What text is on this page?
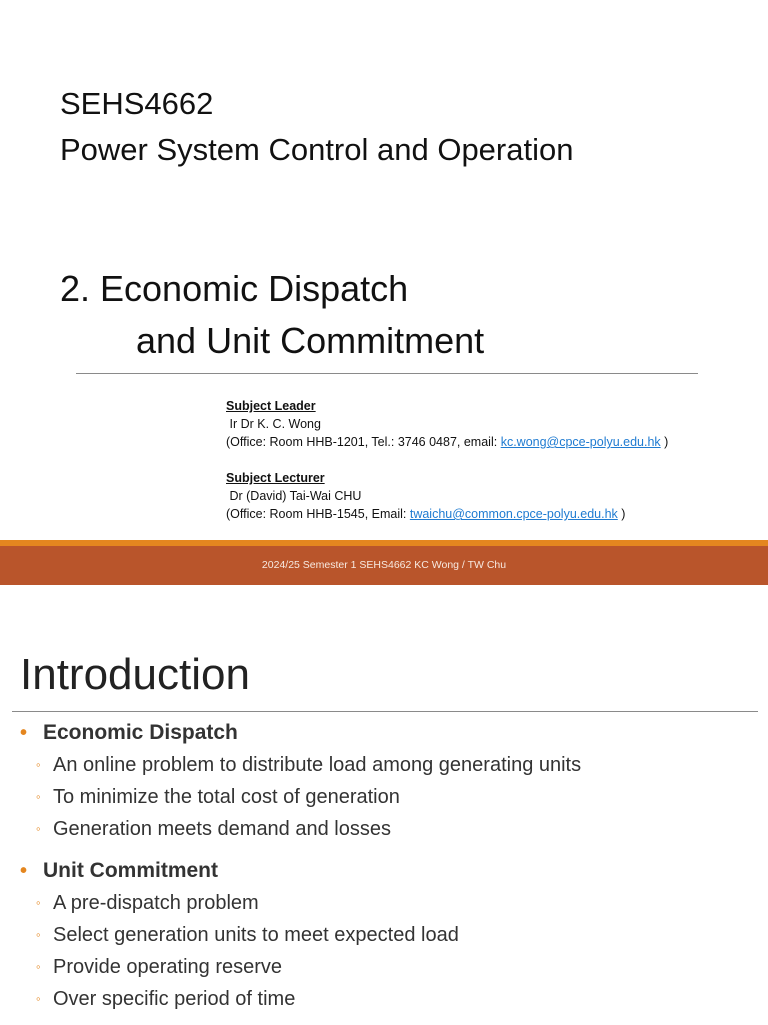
SEHS4662
Power System Control and Operation
2. Economic Dispatch
and Unit Commitment
Subject Leader
Ir Dr K. C. Wong
(Office: Room HHB-1201, Tel.: 3746 0487, email: kc.wong@cpce-polyu.edu.hk )
Subject Lecturer
Dr (David) Tai-Wai CHU
(Office: Room HHB-1545, Email: twaichu@common.cpce-polyu.edu.hk )
2024/25 Semester 1 SEHS4662 KC Wong / TW Chu
Introduction
• Economic Dispatch
◦ An online problem to distribute load among generating units
◦ To minimize the total cost of generation
◦ Generation meets demand and losses
• Unit Commitment
◦ A pre-dispatch problem
◦ Select generation units to meet expected load
◦ Provide operating reserve
◦ Over specific period of time
